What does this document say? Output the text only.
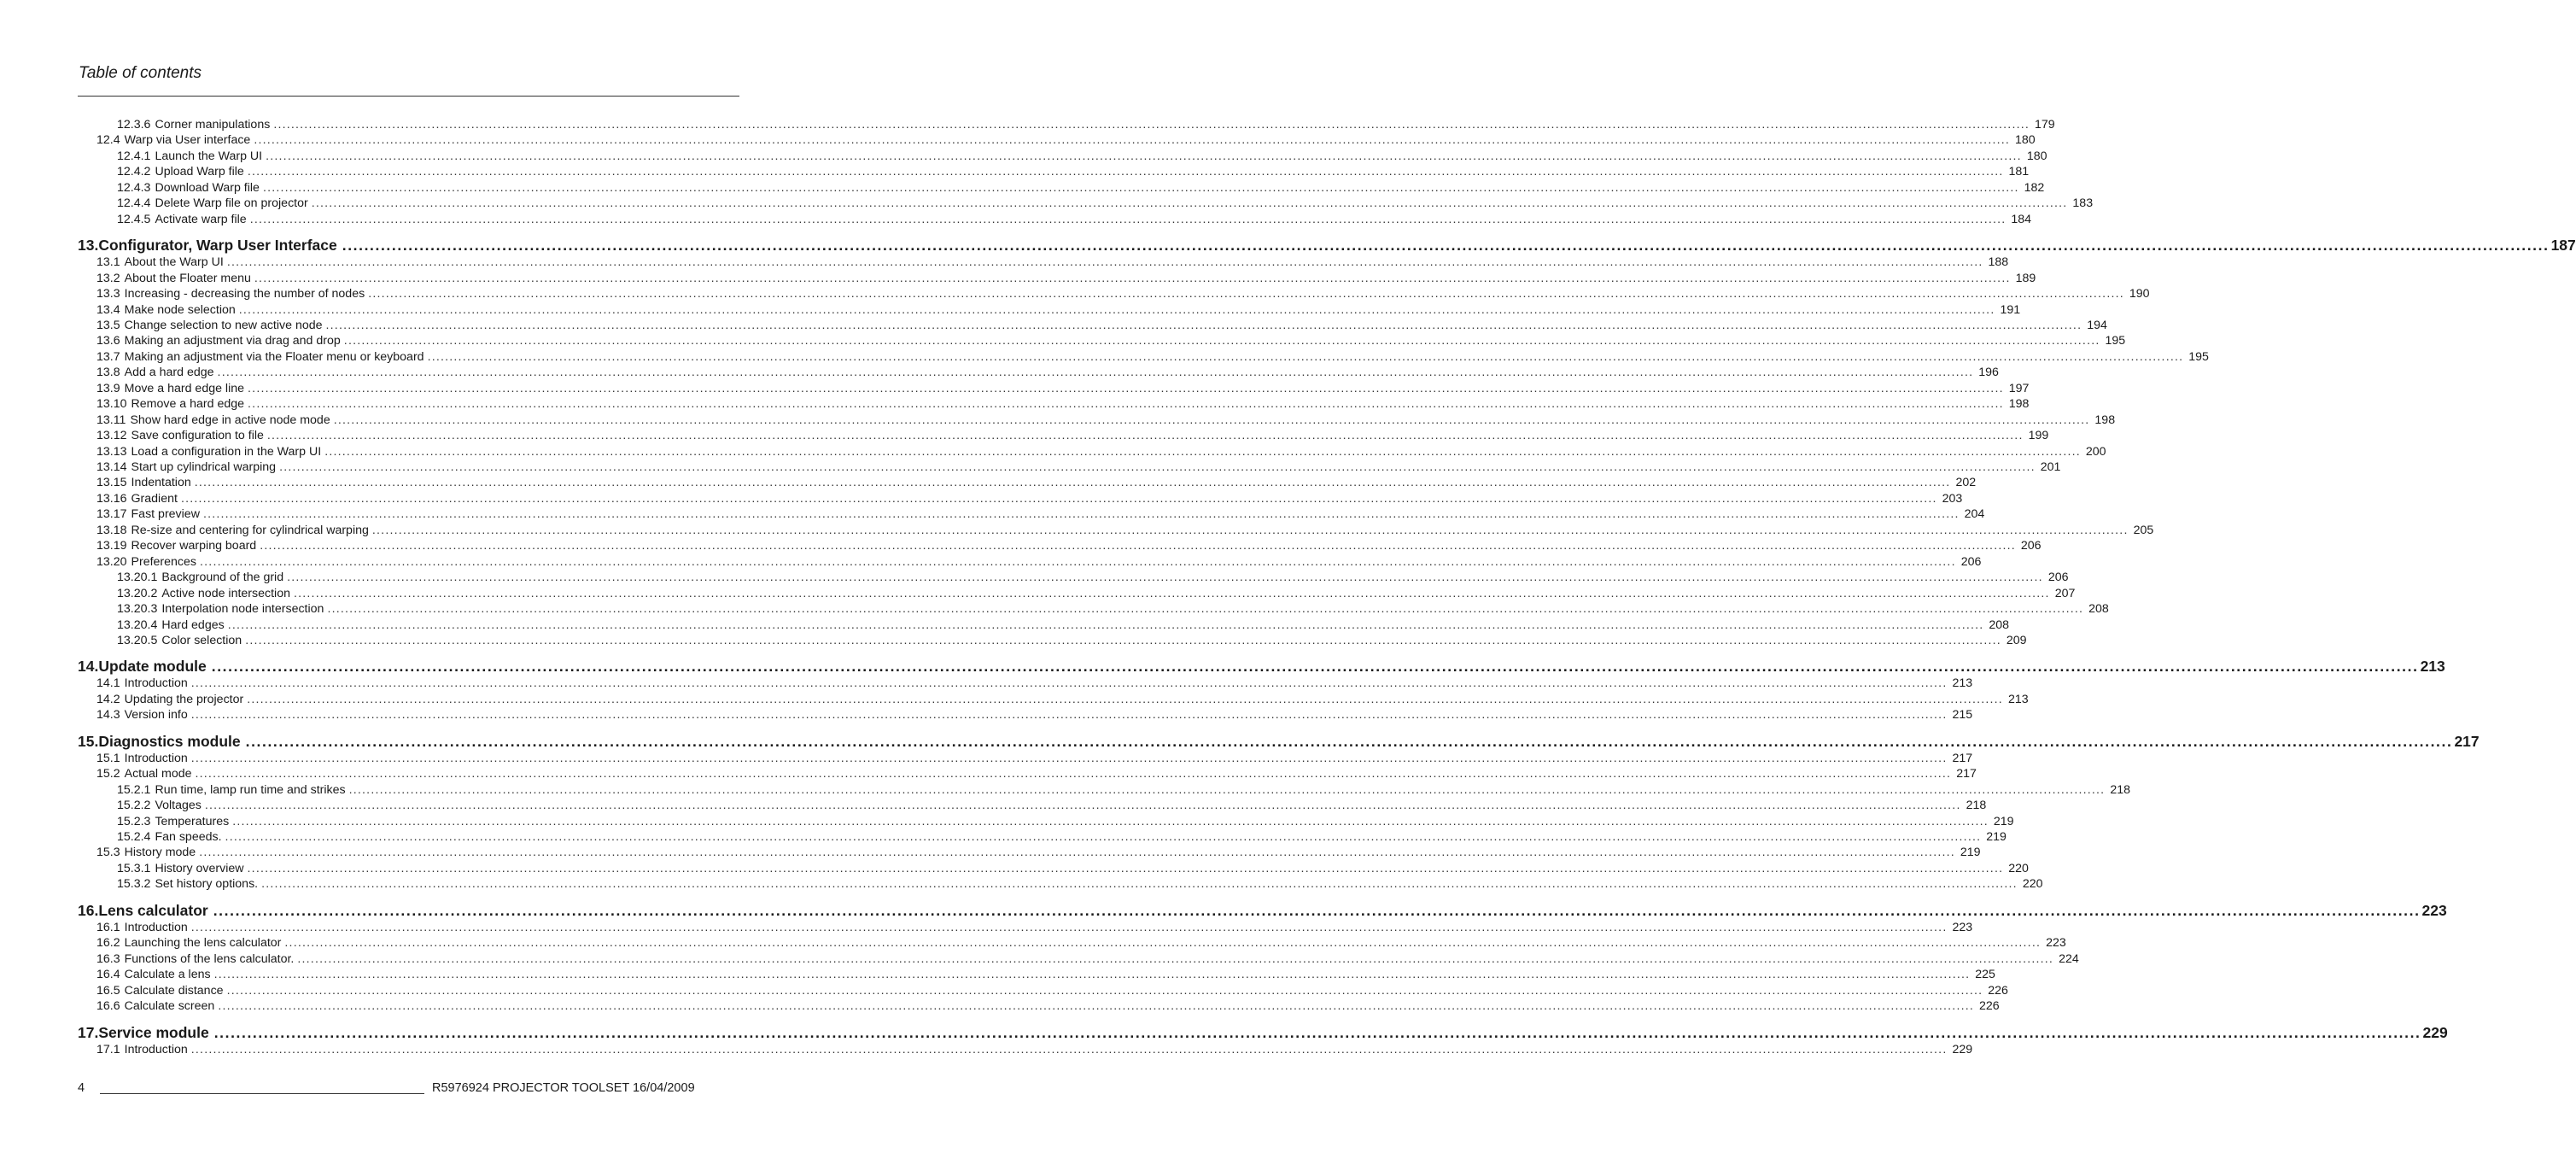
Table of contents
12.3.6 Corner manipulations ................................................................................................................................................................................................................................................................................................................................................................................................................ 179
12.4 Warp via User interface ................................................................................................................................................................................................................................................................................................................................................................................................................ 180
12.4.1 Launch the Warp UI ................................................................................................................................................................................................................................................................................................................................................................................................................ 180
12.4.2 Upload Warp file ................................................................................................................................................................................................................................................................................................................................................................................................................ 181
12.4.3 Download Warp file ................................................................................................................................................................................................................................................................................................................................................................................................................ 182
12.4.4 Delete Warp file on projector ................................................................................................................................................................................................................................................................................................................................................................................................................ 183
12.4.5 Activate warp file ................................................................................................................................................................................................................................................................................................................................................................................................................ 184
13. Configurator, Warp User Interface ................................................................................................................................................................................................................................................................................................................................................................................................................ 187
13.1 About the Warp UI ................................................................................................................................................................................................................................................................................................................................................................................................................ 188
13.2 About the Floater menu ................................................................................................................................................................................................................................................................................................................................................................................................................ 189
13.3 Increasing - decreasing the number of nodes ................................................................................................................................................................................................................................................................................................................................................................................................................ 190
13.4 Make node selection ................................................................................................................................................................................................................................................................................................................................................................................................................ 191
13.5 Change selection to new active node ................................................................................................................................................................................................................................................................................................................................................................................................................ 194
13.6 Making an adjustment via drag and drop ................................................................................................................................................................................................................................................................................................................................................................................................................ 195
13.7 Making an adjustment via the Floater menu or keyboard ................................................................................................................................................................................................................................................................................................................................................................................................................ 195
13.8 Add a hard edge ................................................................................................................................................................................................................................................................................................................................................................................................................ 196
13.9 Move a hard edge line ................................................................................................................................................................................................................................................................................................................................................................................................................ 197
13.10 Remove a hard edge ................................................................................................................................................................................................................................................................................................................................................................................................................ 198
13.11 Show hard edge in active node mode ................................................................................................................................................................................................................................................................................................................................................................................................................ 198
13.12 Save configuration to file ................................................................................................................................................................................................................................................................................................................................................................................................................ 199
13.13 Load a configuration in the Warp UI ................................................................................................................................................................................................................................................................................................................................................................................................................ 200
13.14 Start up cylindrical warping ................................................................................................................................................................................................................................................................................................................................................................................................................ 201
13.15 Indentation ................................................................................................................................................................................................................................................................................................................................................................................................................ 202
13.16 Gradient ................................................................................................................................................................................................................................................................................................................................................................................................................ 203
13.17 Fast preview ................................................................................................................................................................................................................................................................................................................................................................................................................ 204
13.18 Re-size and centering for cylindrical warping ................................................................................................................................................................................................................................................................................................................................................................................................................ 205
13.19 Recover warping board ................................................................................................................................................................................................................................................................................................................................................................................................................ 206
13.20 Preferences ................................................................................................................................................................................................................................................................................................................................................................................................................ 206
13.20.1 Background of the grid ................................................................................................................................................................................................................................................................................................................................................................................................................ 206
13.20.2 Active node intersection ................................................................................................................................................................................................................................................................................................................................................................................................................ 207
13.20.3 Interpolation node intersection ................................................................................................................................................................................................................................................................................................................................................................................................................ 208
13.20.4 Hard edges ................................................................................................................................................................................................................................................................................................................................................................................................................ 208
13.20.5 Color selection ................................................................................................................................................................................................................................................................................................................................................................................................................ 209
14. Update module ................................................................................................................................................................................................................................................................................................................................................................................................................ 213
14.1 Introduction ................................................................................................................................................................................................................................................................................................................................................................................................................ 213
14.2 Updating the projector ................................................................................................................................................................................................................................................................................................................................................................................................................ 213
14.3 Version info ................................................................................................................................................................................................................................................................................................................................................................................................................ 215
15. Diagnostics module ................................................................................................................................................................................................................................................................................................................................................................................................................ 217
15.1 Introduction ................................................................................................................................................................................................................................................................................................................................................................................................................ 217
15.2 Actual mode ................................................................................................................................................................................................................................................................................................................................................................................................................ 217
15.2.1 Run time, lamp run time and strikes ................................................................................................................................................................................................................................................................................................................................................................................................................ 218
15.2.2 Voltages ................................................................................................................................................................................................................................................................................................................................................................................................................ 218
15.2.3 Temperatures ................................................................................................................................................................................................................................................................................................................................................................................................................ 219
15.2.4 Fan speeds. ................................................................................................................................................................................................................................................................................................................................................................................................................ 219
15.3 History mode ................................................................................................................................................................................................................................................................................................................................................................................................................ 219
15.3.1 History overview ................................................................................................................................................................................................................................................................................................................................................................................................................ 220
15.3.2 Set history options. ................................................................................................................................................................................................................................................................................................................................................................................................................ 220
16. Lens calculator ................................................................................................................................................................................................................................................................................................................................................................................................................ 223
16.1 Introduction ................................................................................................................................................................................................................................................................................................................................................................................................................ 223
16.2 Launching the lens calculator ................................................................................................................................................................................................................................................................................................................................................................................................................ 223
16.3 Functions of the lens calculator. ................................................................................................................................................................................................................................................................................................................................................................................................................ 224
16.4 Calculate a lens ................................................................................................................................................................................................................................................................................................................................................................................................................ 225
16.5 Calculate distance ................................................................................................................................................................................................................................................................................................................................................................................................................ 226
16.6 Calculate screen ................................................................................................................................................................................................................................................................................................................................................................................................................ 226
17. Service module ................................................................................................................................................................................................................................................................................................................................................................................................................ 229
17.1 Introduction ................................................................................................................................................................................................................................................................................................................................................................................................................ 229
4	R5976924 PROJECTOR TOOLSET 16/04/2009
